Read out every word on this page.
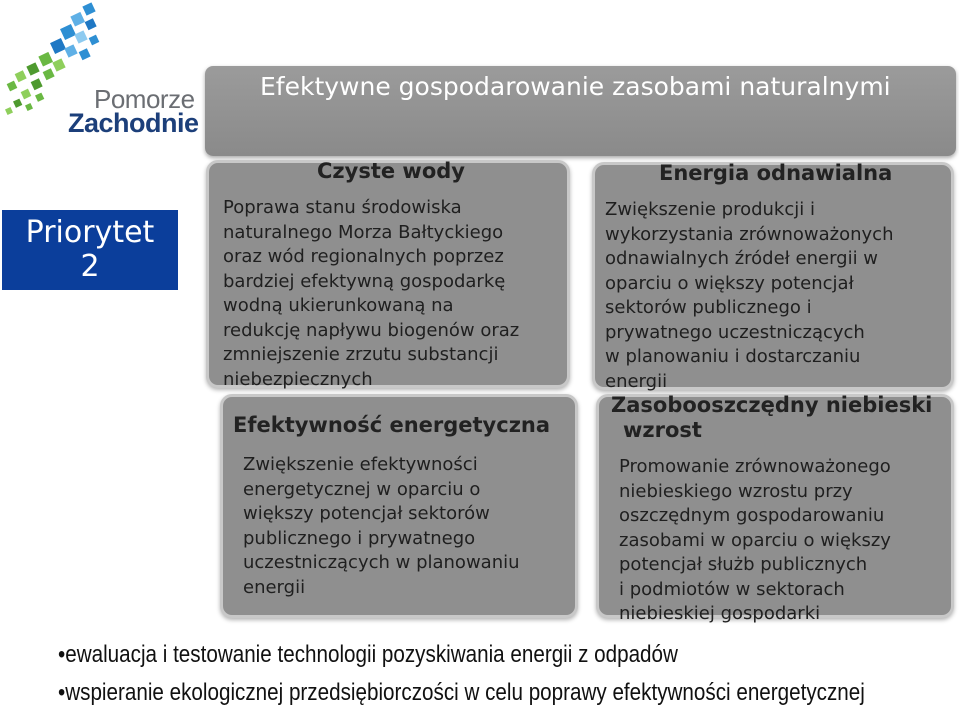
Pomorze
Zachodnie
Efektywne gospodarowanie zasobami naturalnymi
Priorytet
2
Czyste wody

Poprawa stanu środowiska
naturalnego Morza Bałtyckiego
oraz wód regionalnych poprzez
bardziej efektywną gospodarkę
wodną ukierunkowaną na
redukcję napływu biogenów oraz
zmniejszenie zrzutu substancji
niebezpiecznych

Energia odnawialna

Zwiększenie produkcji i
wykorzystania zrównoważonych
odnawialnych źródeł energii w
oparciu o większy potencjał
sektorów publicznego i
prywatnego uczestniczących
w planowaniu i dostarczaniu
energii

Efektywność energetyczna

Zwiększenie efektywności
energetycznej w oparciu o
większy potencjał sektorów
publicznego i prywatnego
uczestniczących w planowaniu
energii

Zasobooszczędny niebieski
wzrost

Promowanie zrównoważonego
niebieskiego wzrostu przy
oszczędnym gospodarowaniu
zasobami w oparciu o większy
potencjał służb publicznych
i podmiotów w sektorach
niebieskiej gospodarki

•ewaluacja i testowanie technologii pozyskiwania energii z odpadów
•wspieranie ekologicznej przedsiębiorczości w celu poprawy efektywności energetycznej
